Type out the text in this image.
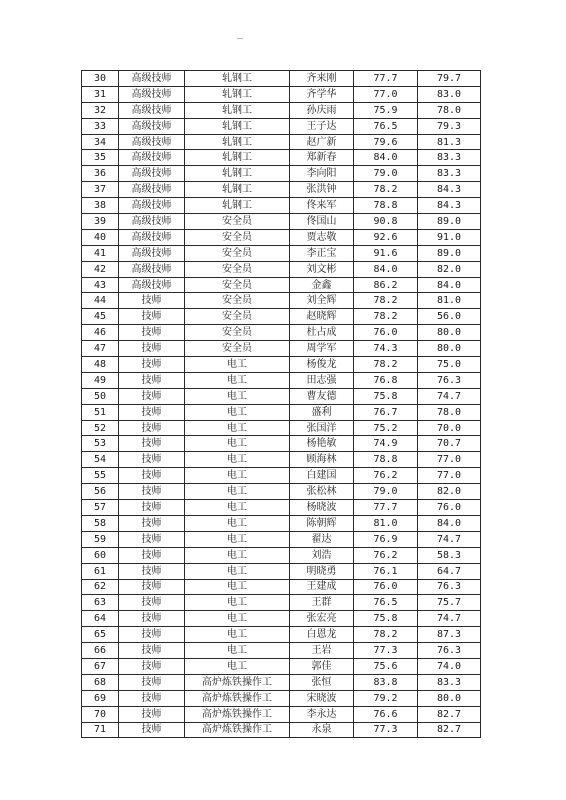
30	高级技师	轧钢工	齐来刚	77.7	79.7
31	高级技师	轧钢工	齐学华	77.0	83.0
32	高级技师	轧钢工	孙庆雨	75.9	78.0
33	高级技师	轧钢工	王子达	76.5	79.3
34	高级技师	轧钢工	赵广新	79.6	81.3
35	高级技师	轧钢工	郑新春	84.0	83.3
36	高级技师	轧钢工	李向阳	79.0	83.3
37	高级技师	轧钢工	张洪钟	78.2	84.3
38	高级技师	轧钢工	佟来军	78.8	84.3
39	高级技师	安全员	佟国山	90.8	89.0
40	高级技师	安全员	贾志敬	92.6	91.0
41	高级技师	安全员	李正宝	91.6	89.0
42	高级技师	安全员	刘文彬	84.0	82.0
43	高级技师	安全员	金鑫	86.2	84.0
44	技师	安全员	刘全辉	78.2	81.0
45	技师	安全员	赵晓辉	78.2	56.0
46	技师	安全员	杜占成	76.0	80.0
47	技师	安全员	周学军	74.3	80.0
48	技师	电工	杨俊龙	78.2	75.0
49	技师	电工	田志强	76.8	76.3
50	技师	电工	曹友德	75.8	74.7
51	技师	电工	盛利	76.7	78.0
52	技师	电工	张国洋	75.2	70.0
53	技师	电工	杨艳敏	74.9	70.7
54	技师	电工	顾海林	78.8	77.0
55	技师	电工	白建国	76.2	77.0
56	技师	电工	张松林	79.0	82.0
57	技师	电工	杨晓波	77.7	76.0
58	技师	电工	陈朝辉	81.0	84.0
59	技师	电工	翟达	76.9	74.7
60	技师	电工	刘浩	76.2	58.3
61	技师	电工	明晓勇	76.1	64.7
62	技师	电工	王建成	76.0	76.3
63	技师	电工	王群	76.5	75.7
64	技师	电工	张宏亮	75.8	74.7
65	技师	电工	白恩龙	78.2	87.3
66	技师	电工	王岩	77.3	76.3
67	技师	电工	郭佳	75.6	74.0
68	技师	高炉炼铁操作工	张恒	83.8	83.3
69	技师	高炉炼铁操作工	宋晓波	79.2	80.0
70	技师	高炉炼铁操作工	李永达	76.6	82.7
71	技师	高炉炼铁操作工	永泉	77.3	82.7
